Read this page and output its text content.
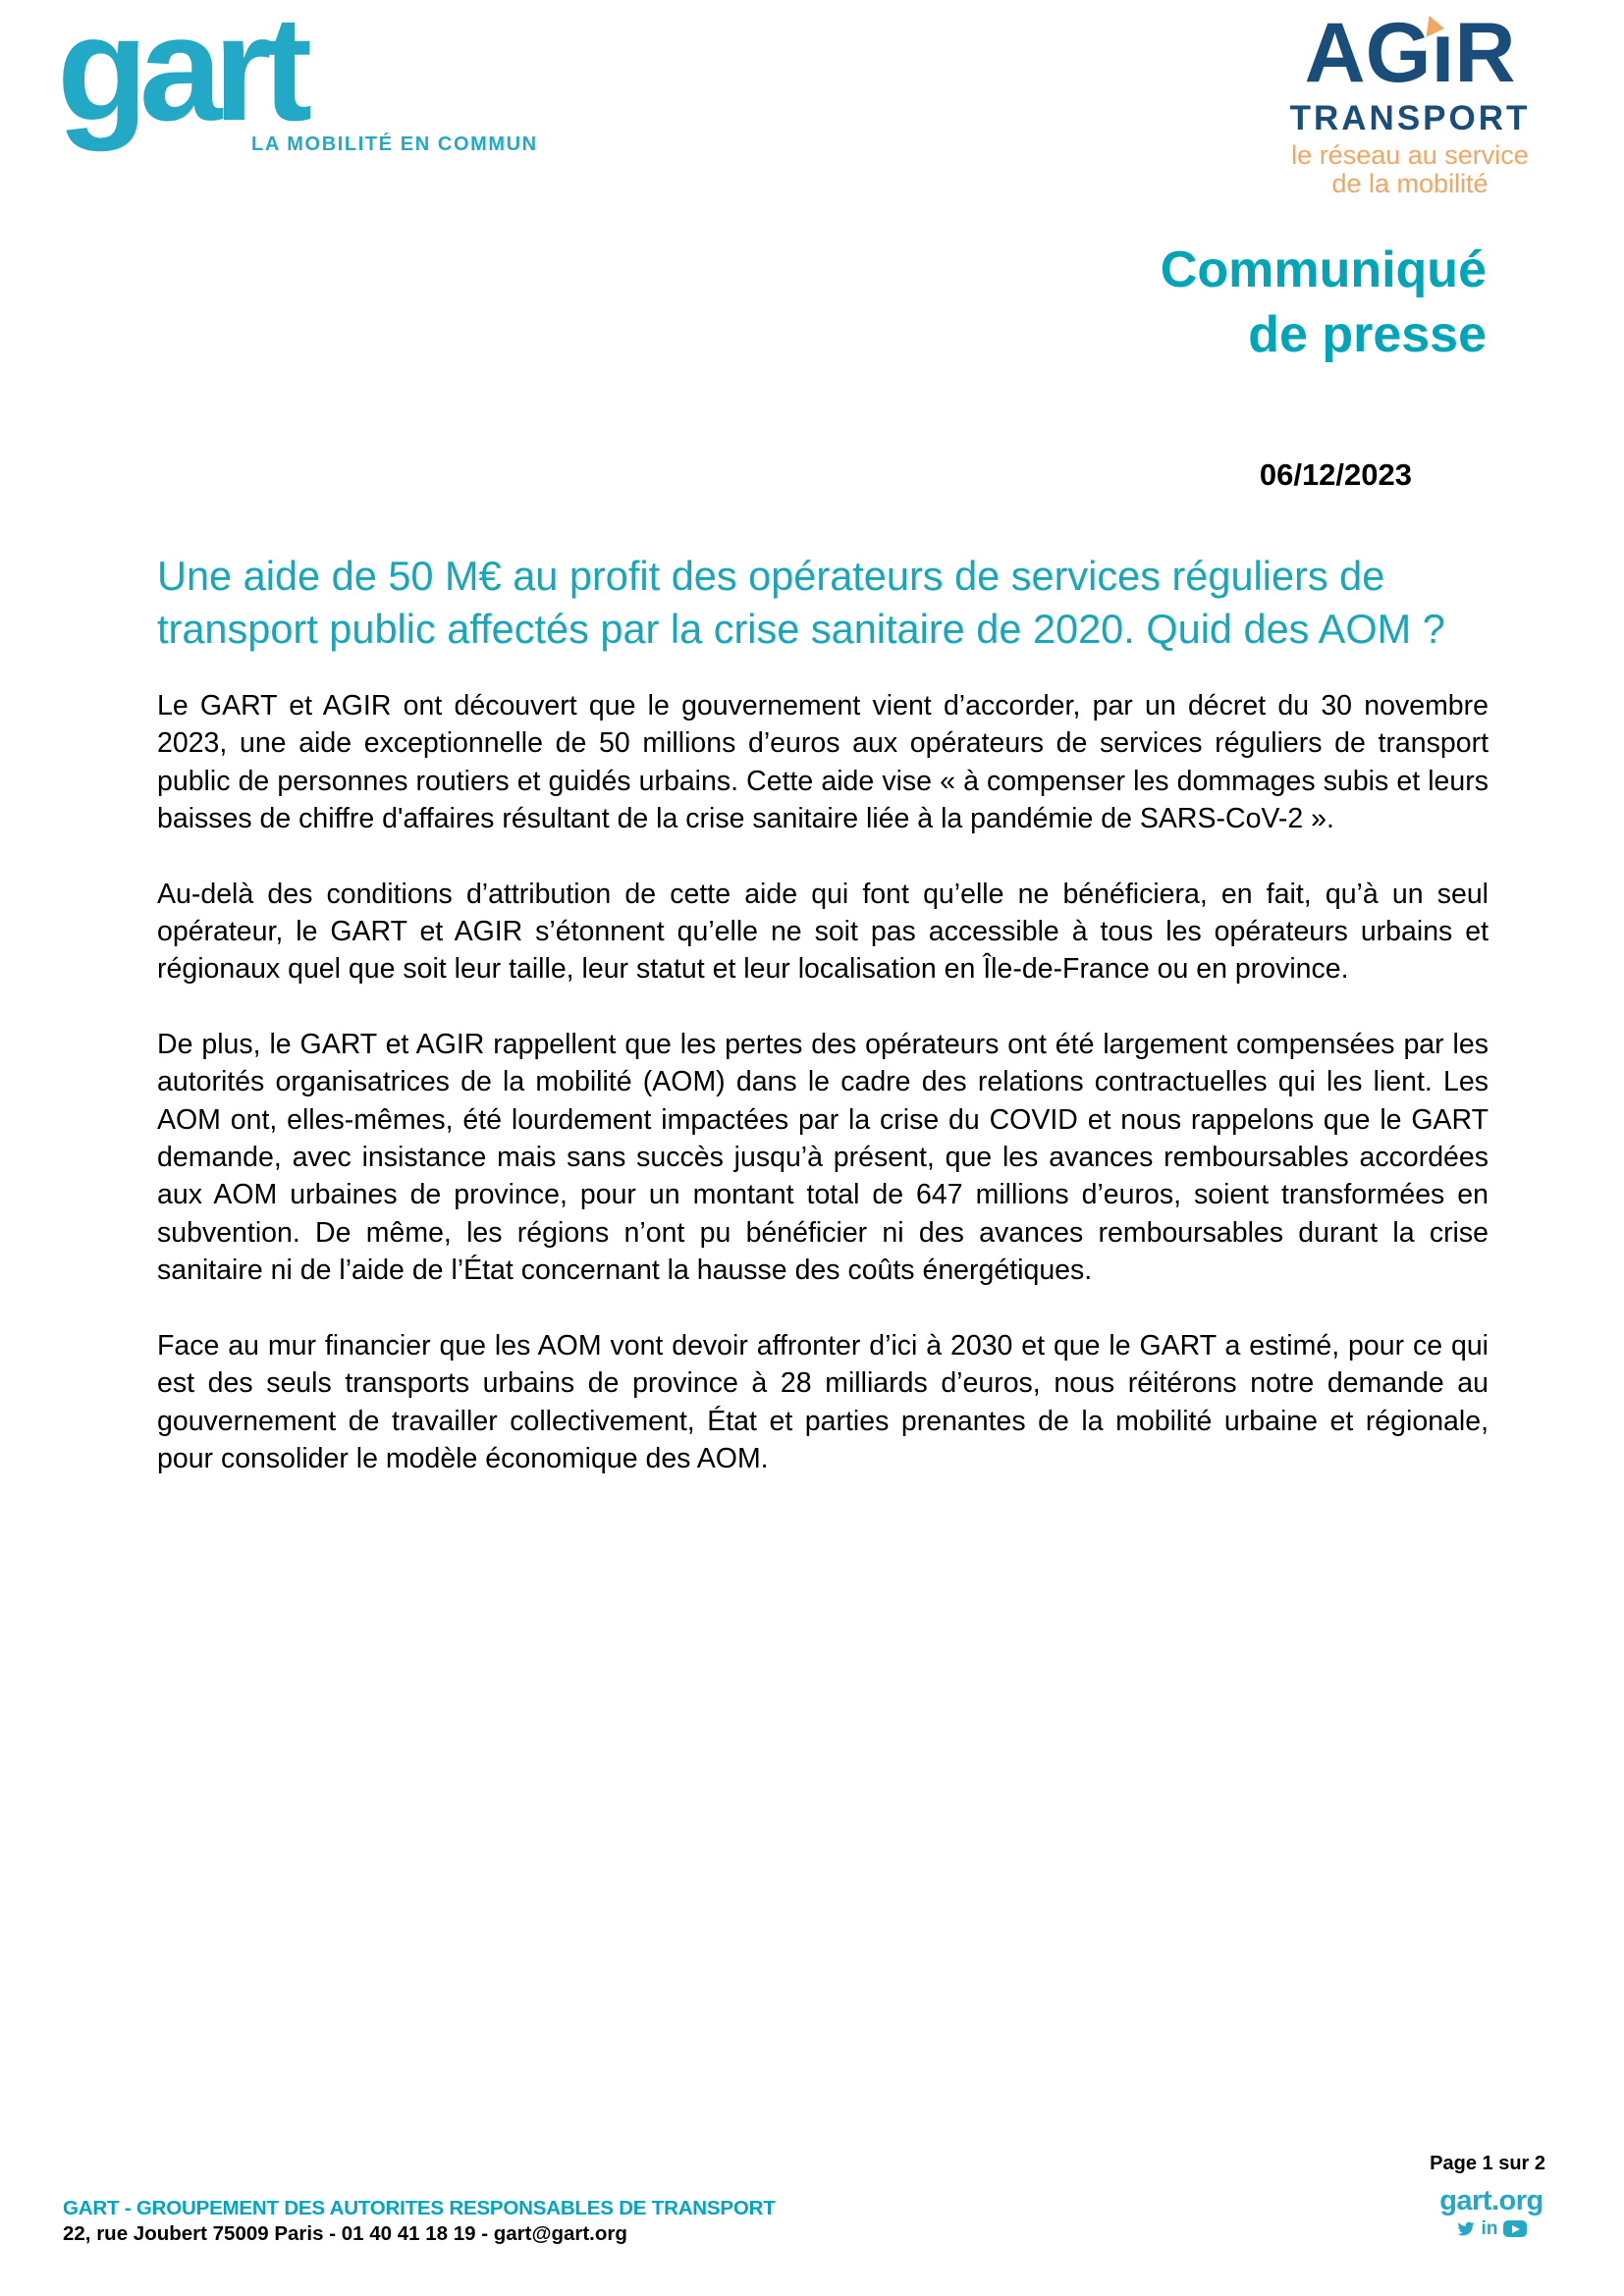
gart
LA MOBILITÉ EN COMMUN
AG
ıR
TRANSPORT
le réseau au service
de la mobilité
Communiqué
de presse
06/12/2023
Une aide de 50 M€ au profit des opérateurs de services réguliers de transport public affectés par la crise sanitaire de 2020. Quid des AOM ?

Le GART et AGIR ont découvert que le gouvernement vient d’accorder, par un décret du 30 novembre 2023, une aide exceptionnelle de 50 millions d’euros aux opérateurs de services réguliers de transport public de personnes routiers et guidés urbains. Cette aide vise « à compenser les dommages subis et leurs baisses de chiffre d'affaires résultant de la crise sanitaire liée à la pandémie de SARS-CoV-2 ».

Au-delà des conditions d’attribution de cette aide qui font qu’elle ne bénéficiera, en fait, qu’à un seul opérateur, le GART et AGIR s’étonnent qu’elle ne soit pas accessible à tous les opérateurs urbains et régionaux quel que soit leur taille, leur statut et leur localisation en Île-de-France ou en province.

De plus, le GART et AGIR rappellent que les pertes des opérateurs ont été largement compensées par les autorités organisatrices de la mobilité (AOM) dans le cadre des relations contractuelles qui les lient. Les AOM ont, elles-mêmes, été lourdement impactées par la crise du COVID et nous rappelons que le GART demande, avec insistance mais sans succès jusqu’à présent, que les avances remboursables accordées aux AOM urbaines de province, pour un montant total de 647 millions d’euros, soient transformées en subvention. De même, les régions n’ont pu bénéficier ni des avances remboursables durant la crise sanitaire ni de l’aide de l’État concernant la hausse des coûts énergétiques.

Face au mur financier que les AOM vont devoir affronter d’ici à 2030 et que le GART a estimé, pour ce qui est des seuls transports urbains de province à 28 milliards d’euros, nous réitérons notre demande au gouvernement de travailler collectivement, État et parties prenantes de la mobilité urbaine et régionale, pour consolider le modèle économique des AOM.

Page 1 sur 2
GART - GROUPEMENT DES AUTORITES RESPONSABLES DE TRANSPORT
22, rue Joubert 75009 Paris - 01 40 41 18 19 - gart@gart.org
gart.org
in
